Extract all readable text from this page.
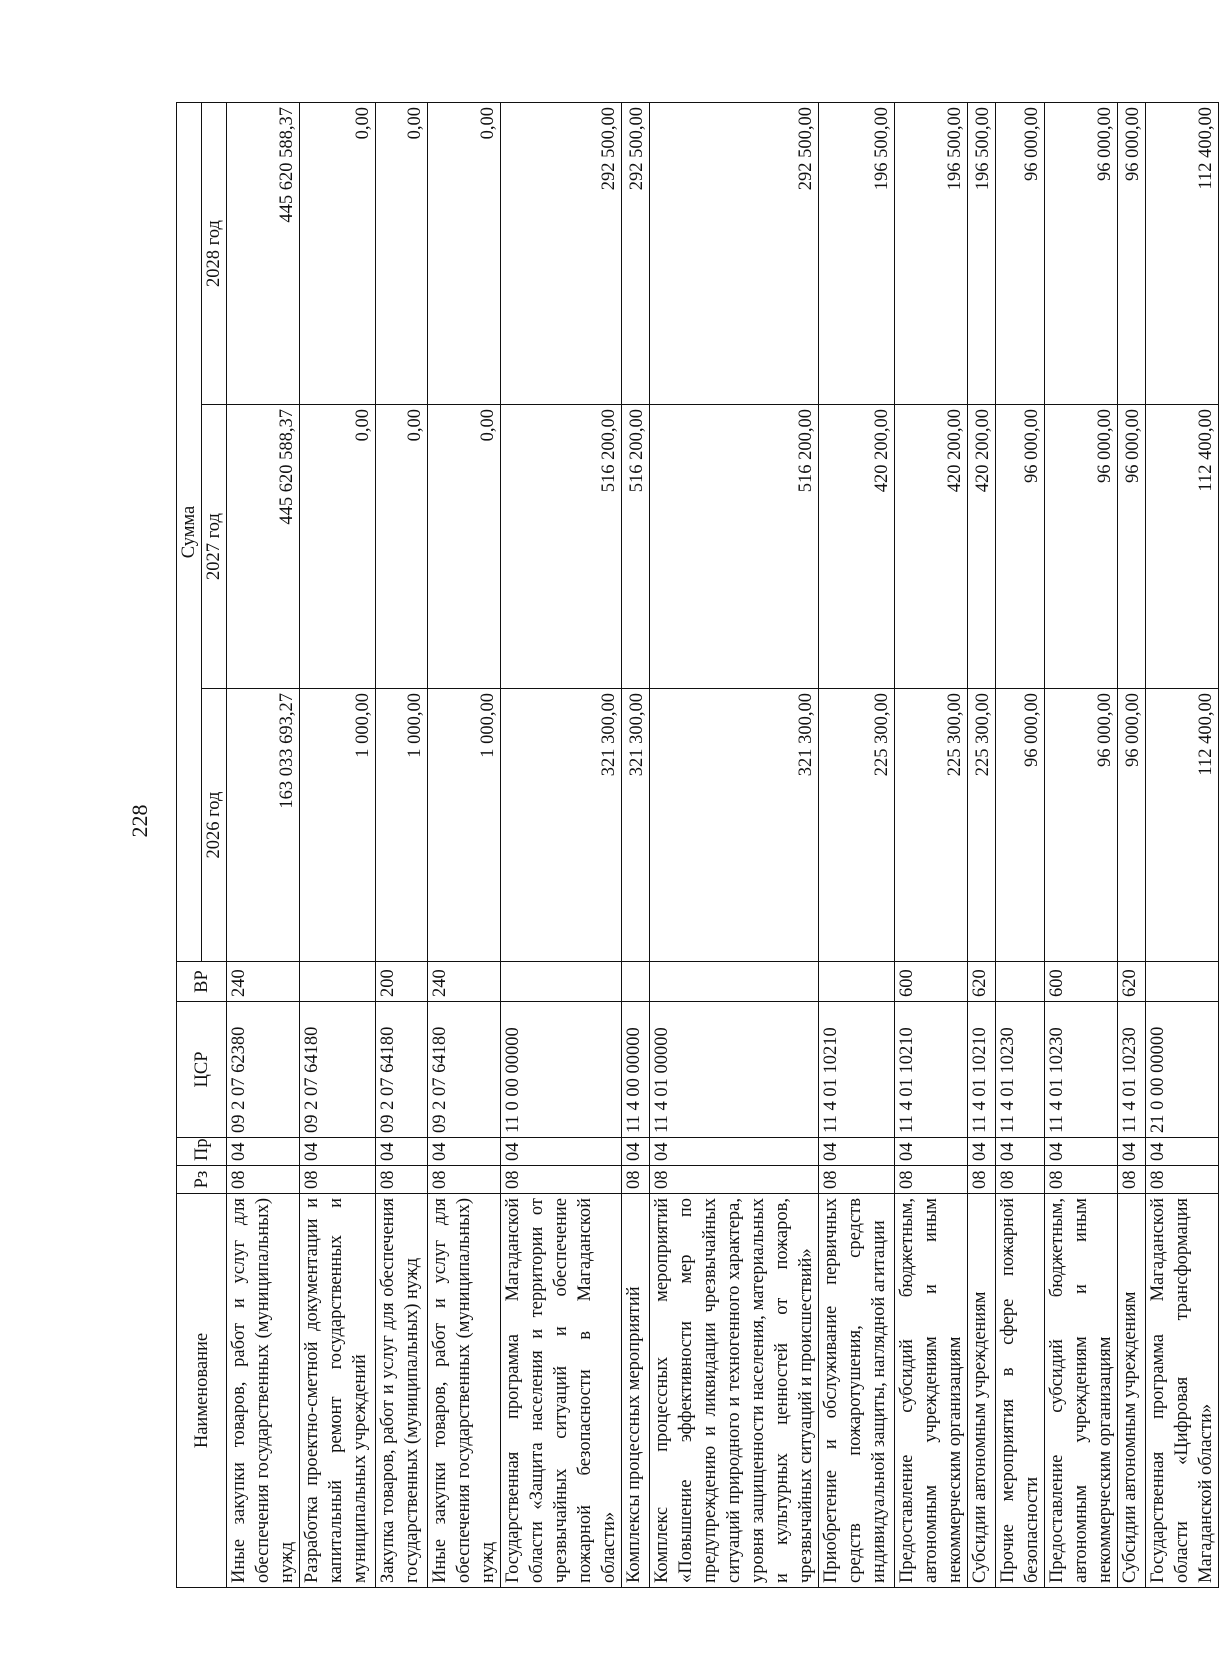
228
Наименование	Рз	Пр	ЦСР	ВР	Сумма		
					2026 год	2027 год	2028 год
Иные закупки товаров, работ и услуг для обеспечения государственных (муниципальных) нужд	08	04	09 2 07 62380	240	163 033 693,27	445 620 588,37	445 620 588,37
Разработка проектно-сметной документации и капитальный ремонт государственных и муниципальных учреждений	08	04	09 2 07 64180		1 000,00	0,00	0,00
Закупка товаров, работ и услуг для обеспечения государственных (муниципальных) нужд	08	04	09 2 07 64180	200	1 000,00	0,00	0,00
Иные закупки товаров, работ и услуг для обеспечения государственных (муниципальных) нужд	08	04	09 2 07 64180	240	1 000,00	0,00	0,00
Государственная программа Магаданской области «Защита населения и территории от чрезвычайных ситуаций и обеспечение пожарной безопасности в Магаданской области»	08	04	11 0 00 00000		321 300,00	516 200,00	292 500,00
Комплексы процессных мероприятий	08	04	11 4 00 00000		321 300,00	516 200,00	292 500,00
Комплекс процессных мероприятий «Повышение эффективности мер по предупреждению и ликвидации чрезвычайных ситуаций природного и техногенного характера, уровня защищенности населения, материальных и культурных ценностей от пожаров, чрезвычайных ситуаций и происшествий»	08	04	11 4 01 00000		321 300,00	516 200,00	292 500,00
Приобретение и обслуживание первичных средств пожаротушения, средств индивидуальной защиты, наглядной агитации	08	04	11 4 01 10210		225 300,00	420 200,00	196 500,00
Предоставление субсидий бюджетным, автономным учреждениям и иным некоммерческим организациям	08	04	11 4 01 10210	600	225 300,00	420 200,00	196 500,00
Субсидии автономным учреждениям	08	04	11 4 01 10210	620	225 300,00	420 200,00	196 500,00
Прочие мероприятия в сфере пожарной безопасности	08	04	11 4 01 10230		96 000,00	96 000,00	96 000,00
Предоставление субсидий бюджетным, автономным учреждениям и иным некоммерческим организациям	08	04	11 4 01 10230	600	96 000,00	96 000,00	96 000,00
Субсидии автономным учреждениям	08	04	11 4 01 10230	620	96 000,00	96 000,00	96 000,00
Государственная программа Магаданской области «Цифровая трансформация Магаданской области»	08	04	21 0 00 00000		112 400,00	112 400,00	112 400,00
